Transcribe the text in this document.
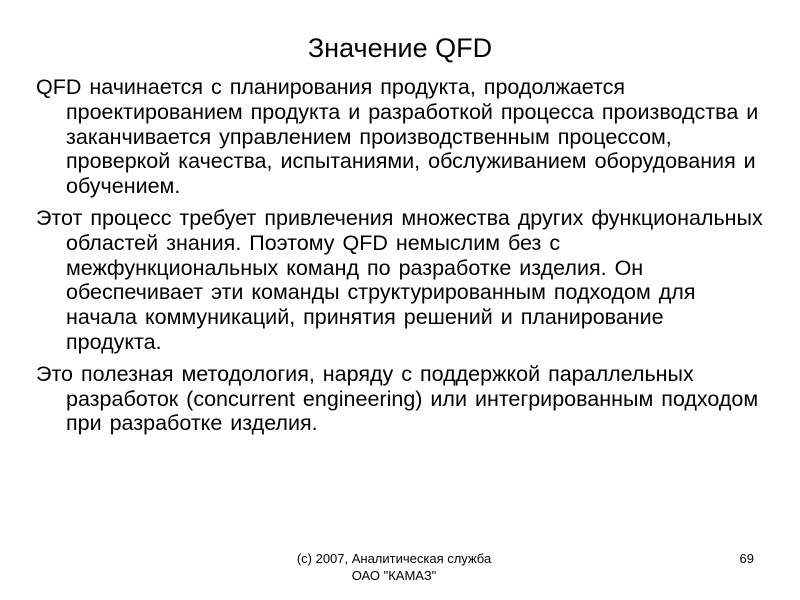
Значение QFD

QFD начинается с планирования продукта, продолжается проектированием продукта и разработкой процесса производства и заканчивается управлением производственным процессом, проверкой качества, испытаниями, обслуживанием оборудования и обучением.

Этот процесс требует привлечения множества других функциональных областей знания. Поэтому QFD немыслим без с межфункциональных команд по разработке изделия. Он обеспечивает эти команды структурированным подходом для начала коммуникаций, принятия решений и планирование продукта.

Это полезная методология, наряду с поддержкой параллельных разработок (concurrent engineering) или интегрированным подходом при разработке изделия.

(c) 2007, Аналитическая служба
ОАО "КАМАЗ"
69
